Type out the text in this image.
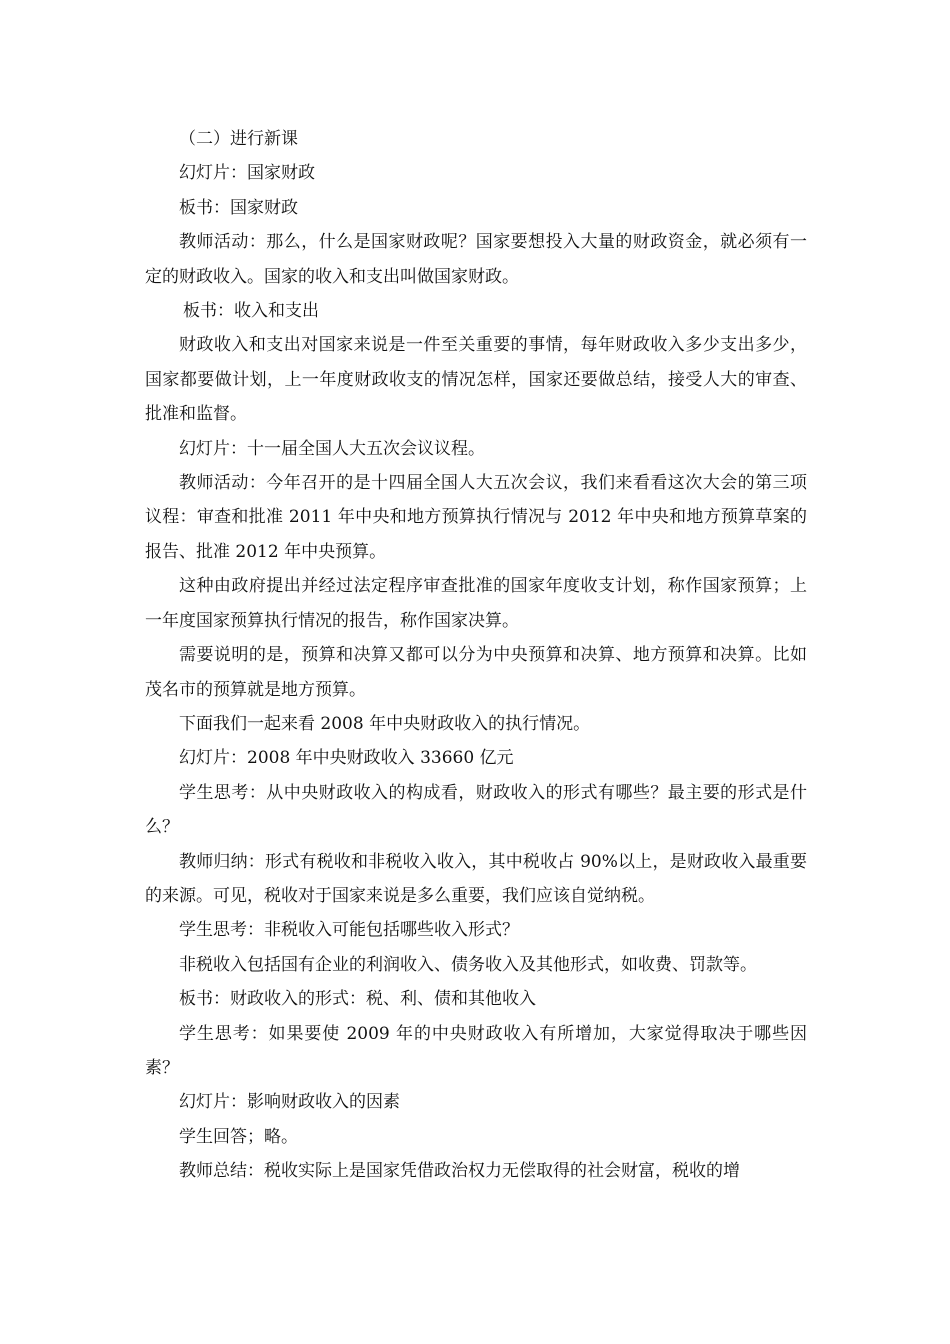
（二）进行新课

幻灯片：国家财政

板书：国家财政

教师活动：那么，什么是国家财政呢？国家要想投入大量的财政资金，就必须有一定的财政收入。国家的收入和支出叫做国家财政。

板书：收入和支出

财政收入和支出对国家来说是一件至关重要的事情，每年财政收入多少支出多少，国家都要做计划，上一年度财政收支的情况怎样，国家还要做总结，接受人大的审查、批准和监督。

幻灯片：十一届全国人大五次会议议程。

教师活动：今年召开的是十四届全国人大五次会议，我们来看看这次大会的第三项议程：审查和批准 2011 年中央和地方预算执行情况与 2012 年中央和地方预算草案的报告、批准 2012 年中央预算。

这种由政府提出并经过法定程序审查批准的国家年度收支计划，称作国家预算；上一年度国家预算执行情况的报告，称作国家决算。

需要说明的是，预算和决算又都可以分为中央预算和决算、地方预算和决算。比如茂名市的预算就是地方预算。

下面我们一起来看 2008 年中央财政收入的执行情况。

幻灯片：2008 年中央财政收入 33660 亿元

学生思考：从中央财政收入的构成看，财政收入的形式有哪些？最主要的形式是什么？

教师归纳：形式有税收和非税收入收入，其中税收占 90%以上，是财政收入最重要的来源。可见，税收对于国家来说是多么重要，我们应该自觉纳税。

学生思考：非税收入可能包括哪些收入形式？

非税收入包括国有企业的利润收入、债务收入及其他形式，如收费、罚款等。

板书：财政收入的形式：税、利、债和其他收入

学生思考：如果要使 2009 年的中央财政收入有所增加，大家觉得取决于哪些因素？

幻灯片：影响财政收入的因素

学生回答；略。

教师总结：税收实际上是国家凭借政治权力无偿取得的社会财富，税收的增
